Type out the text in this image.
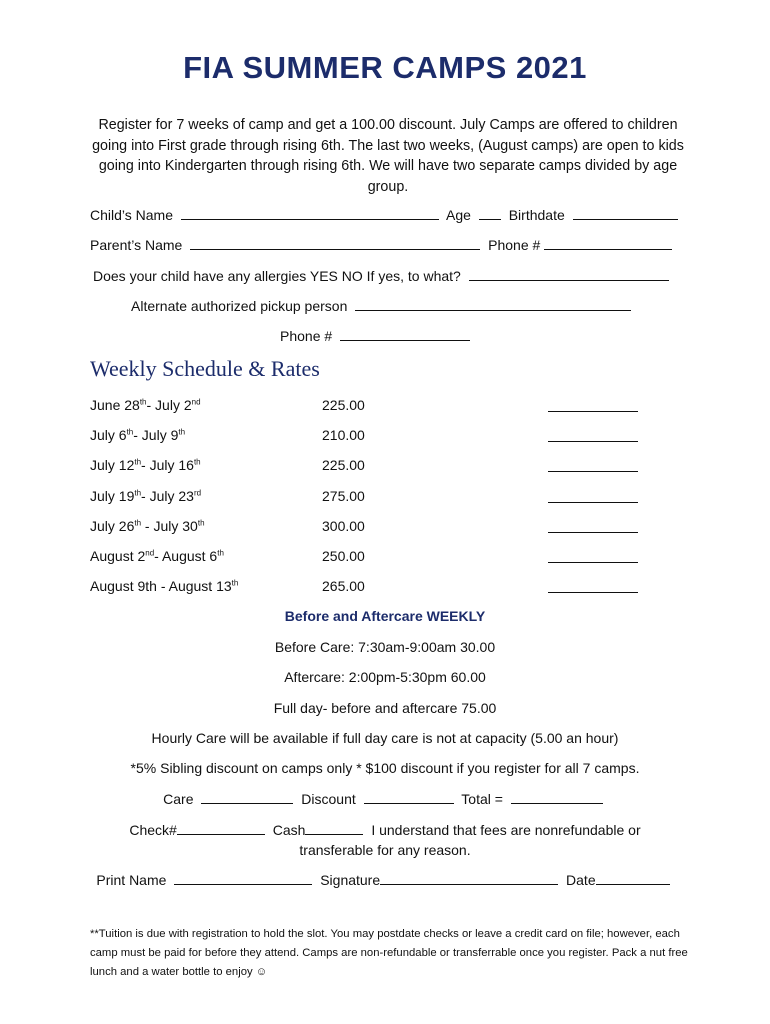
FIA SUMMER CAMPS 2021
Register for 7 weeks of camp and get a 100.00 discount. July Camps are offered to children going into First grade through rising 6th. The last two weeks, (August camps) are open to kids going into Kindergarten through rising 6th. We will have two separate camps divided by age group.
Child’s Name	Age	Birthdate
Parent’s Name	Phone #
Does your child have any allergies YES NO If yes, to what?
Alternate authorized pickup person
Phone #
Weekly Schedule & Rates
June 28th- July 2nd	225.00
July 6th- July 9th	210.00
July 12th- July 16th	225.00
July 19th- July 23rd	275.00
July 26th - July 30th	300.00
August 2nd- August 6th	250.00
August 9th - August 13th	265.00
Before and Aftercare WEEKLY
Before Care: 7:30am-9:00am 30.00
Aftercare: 2:00pm-5:30pm 60.00
Full day- before and aftercare 75.00
Hourly Care will be available if full day care is not at capacity (5.00 an hour)
*5% Sibling discount on camps only * $100 discount if you register for all 7 camps.
Care	Discount	Total =
Check#	Cash	I understand that fees are nonrefundable or
transferable for any reason.
Print Name	Signature	Date
**Tuition is due with registration to hold the slot. You may postdate checks or leave a credit card on file; however, each camp must be paid for before they attend. Camps are non-refundable or transferrable once you register. Pack a nut free lunch and a water bottle to enjoy ☺
